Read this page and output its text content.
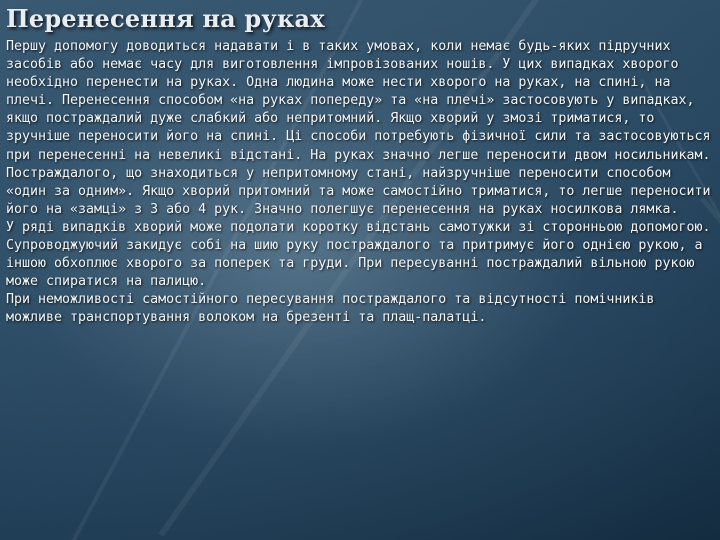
Перенесення на руках

Першу допомогу доводиться надавати і в таких умовах, коли немає будь-яких підручних засобів або немає часу для виготовлення імпровізованих ношів. У цих випадках хворого необхідно перенести на руках. Одна людина може нести хворого на руках, на спині, на плечі. Перенесення способом «на руках попереду» та «на плечі» застосовують у випадках, якщо постраждалий дуже слабкий або непритомний. Якщо хворий у змозі триматися, то зручніше переносити його на спині. Ці способи потребують фізичної сили та застосовуються при перенесенні на невеликі відстані. На руках значно легше переносити двом носильникам. Постраждалого, що знаходиться у непритомному стані, найзручніше переносити способом «один за одним». Якщо хворий притомний та може самостійно триматися, то легше переносити його на «замці» з 3 або 4 рук. Значно полегшує перенесення на руках носилкова лямка.

У ряді випадків хворий може подолати коротку відстань самотужки зі сторонньою допомогою. Супроводжуючий закидує собі на шию руку постраждалого та притримує його однією рукою, а іншою обхоплює хворого за поперек та груди. При пересуванні постраждалий вільною рукою може спиратися на палицю.

При неможливості самостійного пересування постраждалого та відсутності помічників можливе транспортування волоком на брезенті та плащ-палатці.
